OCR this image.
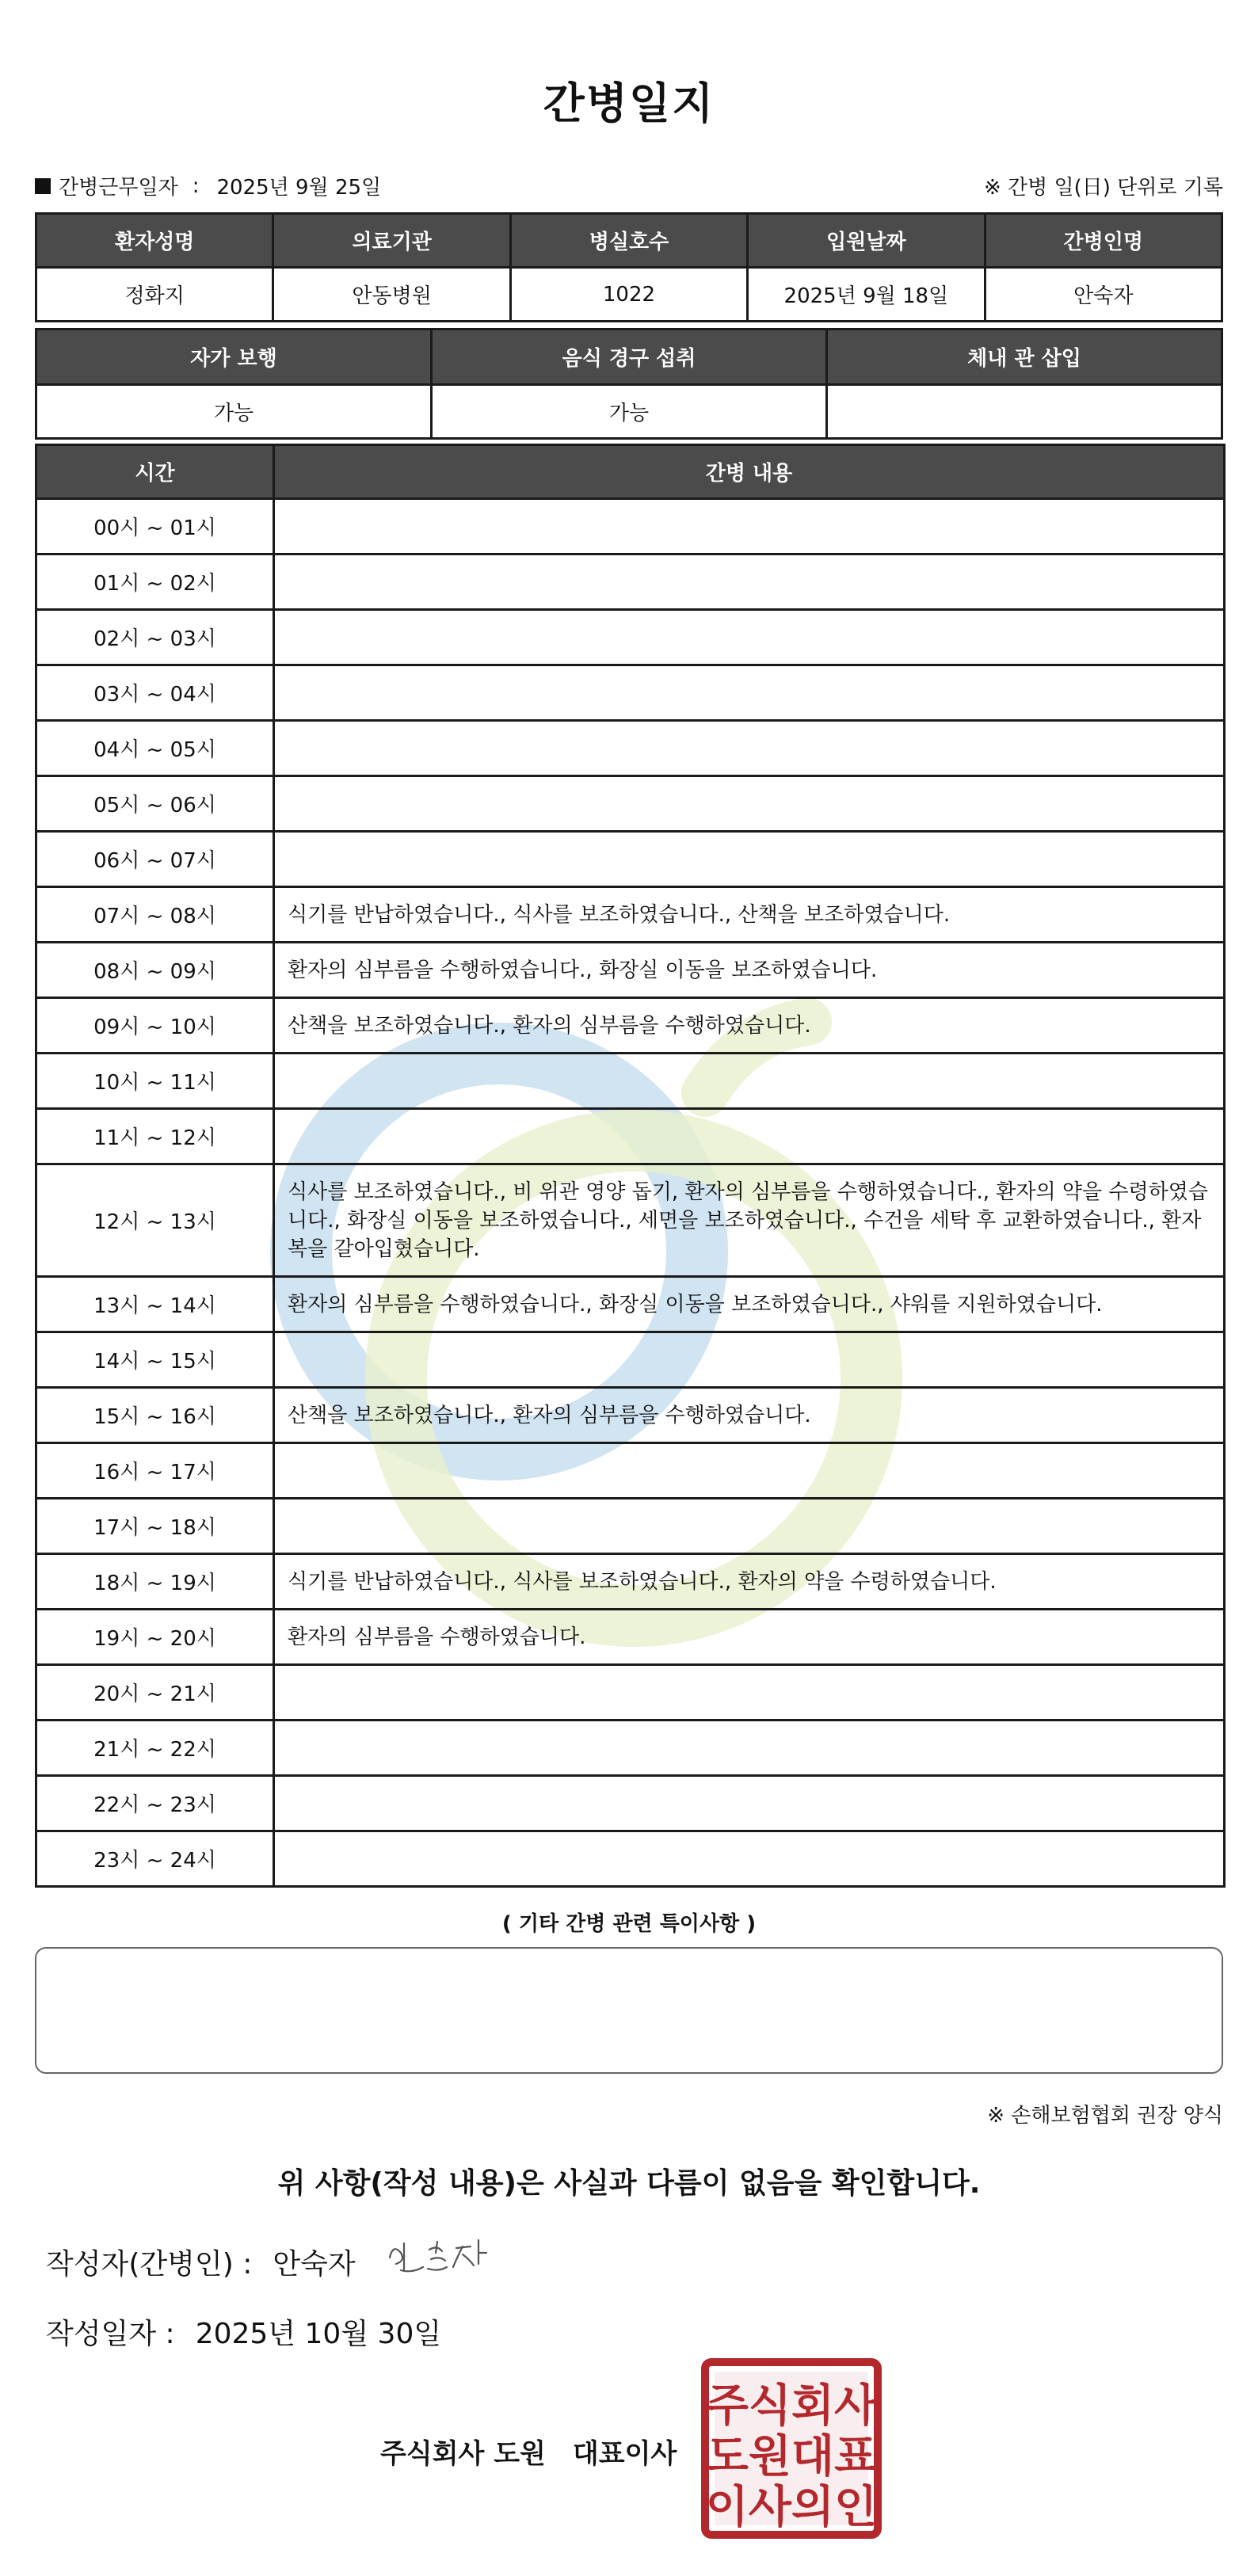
간병일지
간병근무일자 : 2025년 9월 25일	※ 간병 일(日) 단위로 기록
환자성명	의료기관	병실호수	입원날짜	간병인명
정화지	안동병원	1022	2025년 9월 18일	안숙자
자가 보행	음식 경구 섭취	체내 관 삽입
가능	가능	
시간	간병 내용
00시 ~ 01시	
01시 ~ 02시	
02시 ~ 03시	
03시 ~ 04시	
04시 ~ 05시	
05시 ~ 06시	
06시 ~ 07시	
07시 ~ 08시	식기를 반납하였습니다., 식사를 보조하였습니다., 산책을 보조하였습니다.
08시 ~ 09시	환자의 심부름을 수행하였습니다., 화장실 이동을 보조하였습니다.
09시 ~ 10시	산책을 보조하였습니다., 환자의 심부름을 수행하였습니다.
10시 ~ 11시	
11시 ~ 12시	
12시 ~ 13시	식사를 보조하였습니다., 비 위관 영양 돕기, 환자의 심부름을 수행하였습니다., 환자의 약을 수령하였습니다., 화장실 이동을 보조하였습니다., 세면을 보조하였습니다., 수건을 세탁 후 교환하였습니다., 환자복을 갈아입혔습니다.
13시 ~ 14시	환자의 심부름을 수행하였습니다., 화장실 이동을 보조하였습니다., 샤워를 지원하였습니다.
14시 ~ 15시	
15시 ~ 16시	산책을 보조하였습니다., 환자의 심부름을 수행하였습니다.
16시 ~ 17시	
17시 ~ 18시	
18시 ~ 19시	식기를 반납하였습니다., 식사를 보조하였습니다., 환자의 약을 수령하였습니다.
19시 ~ 20시	환자의 심부름을 수행하였습니다.
20시 ~ 21시	
21시 ~ 22시	
22시 ~ 23시	
23시 ~ 24시	
( 기타 간병 관련 특이사항 )
※ 손해보험협회 권장 양식
위 사항(작성 내용)은 사실과 다름이 없음을 확인합니다.
작성자(간병인) : 안숙자
작성일자 : 2025년 10월 30일
주식회사 도원 대표이사
주식회사
도원대표
이사의인
